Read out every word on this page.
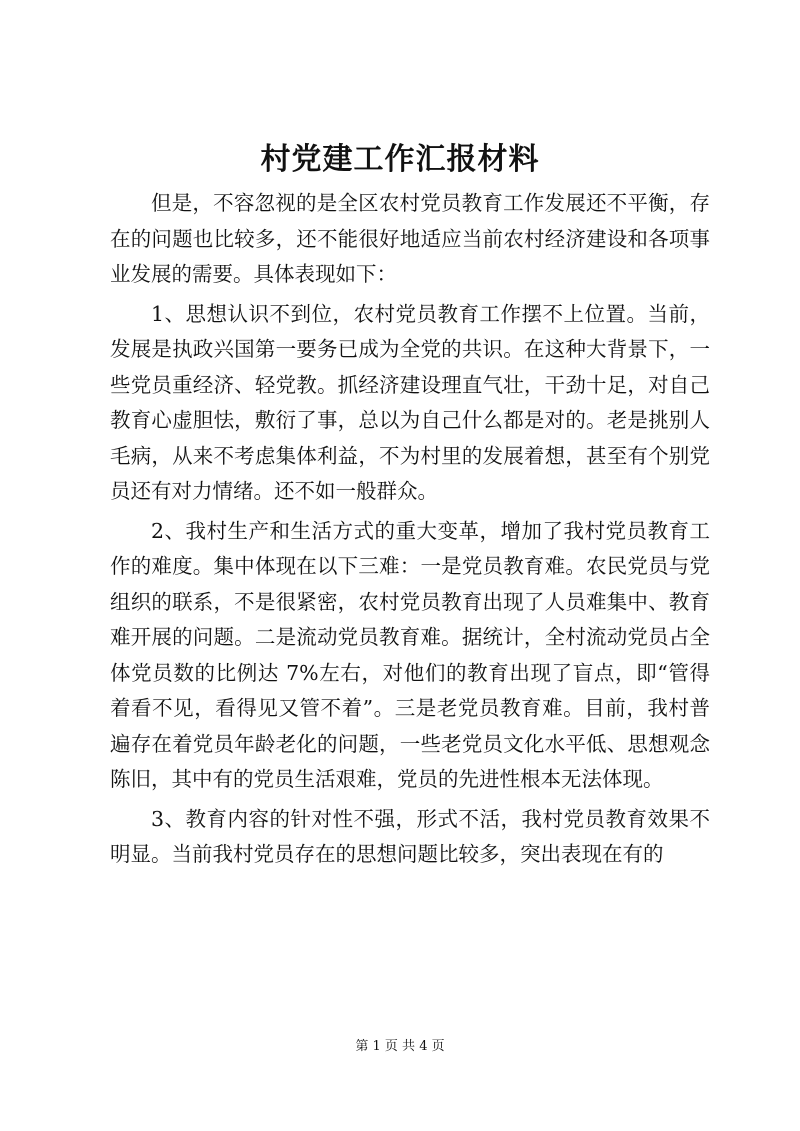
村党建工作汇报材料

但是，不容忽视的是全区农村党员教育工作发展还不平衡，存在的问题也比较多，还不能很好地适应当前农村经济建设和各项事业发展的需要。具体表现如下：

1、思想认识不到位，农村党员教育工作摆不上位置。当前，发展是执政兴国第一要务已成为全党的共识。在这种大背景下，一些党员重经济、轻党教。抓经济建设理直气壮，干劲十足，对自己教育心虚胆怯，敷衍了事，总以为自己什么都是对的。老是挑别人毛病，从来不考虑集体利益，不为村里的发展着想，甚至有个别党员还有对力情绪。还不如一般群众。

2、我村生产和生活方式的重大变革，增加了我村党员教育工作的难度。集中体现在以下三难：一是党员教育难。农民党员与党组织的联系，不是很紧密，农村党员教育出现了人员难集中、教育难开展的问题。二是流动党员教育难。据统计，全村流动党员占全体党员数的比例达 7%左右，对他们的教育出现了盲点，即“管得着看不见，看得见又管不着”。三是老党员教育难。目前，我村普遍存在着党员年龄老化的问题，一些老党员文化水平低、思想观念陈旧，其中有的党员生活艰难，党员的先进性根本无法体现。

3、教育内容的针对性不强，形式不活，我村党员教育效果不明显。当前我村党员存在的思想问题比较多，突出表现在有的

第 1 页 共 4 页
